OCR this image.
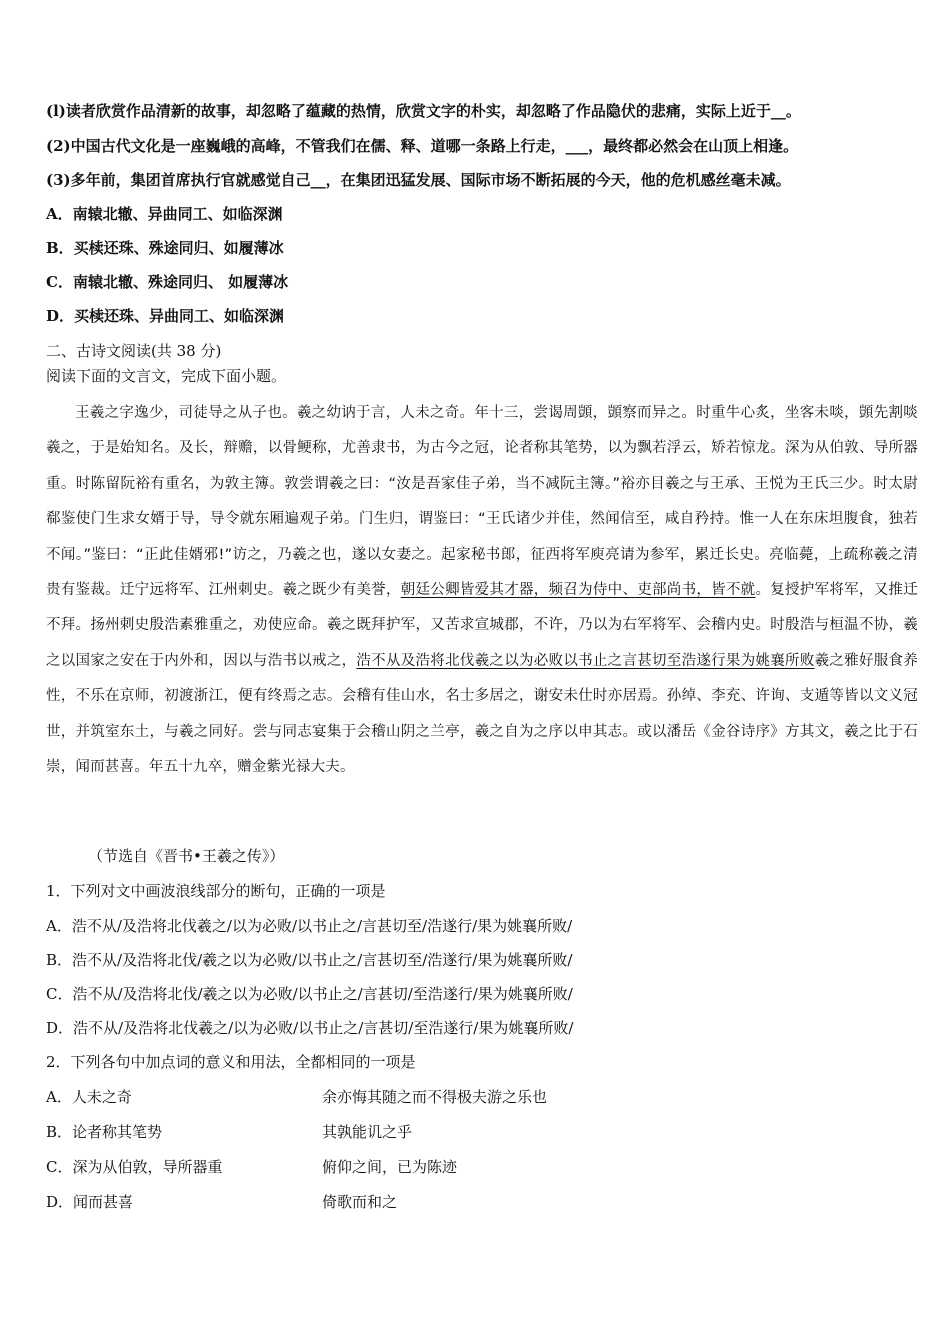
(l)读者欣赏作品清新的故事，却忽略了蕴藏的热情，欣赏文字的朴实，却忽略了作品隐伏的悲痛，实际上近于__。
(2)中国古代文化是一座巍峨的高峰，不管我们在儒、释、道哪一条路上行走，___，最终都必然会在山顶上相逢。
(3)多年前，集团首席执行官就感觉自己__，在集团迅猛发展、国际市场不断拓展的今天，他的危机感丝毫未减。
A．南辕北辙、异曲同工、如临深渊
B．买椟还珠、殊途同归、如履薄冰
C．南辕北辙、殊途同归、 如履薄冰
D．买椟还珠、异曲同工、如临深渊
二、古诗文阅读(共 38 分)
阅读下面的文言文，完成下面小题。
王羲之字逸少，司徒导之从子也。羲之幼讷于言，人未之奇。年十三，尝谒周顗，顗察而异之。时重牛心炙，坐客未啖，顗先割啖羲之，于是始知名。及长，辩赡，以骨鲠称，尤善隶书，为古今之冠，论者称其笔势，以为飘若浮云，矫若惊龙。深为从伯敦、导所器重。时陈留阮裕有重名，为敦主簿。敦尝谓羲之曰：“汝是吾家佳子弟，当不减阮主簿。”裕亦目羲之与王承、王悦为王氏三少。时太尉郗鉴使门生求女婿于导，导令就东厢遍观子弟。门生归，谓鉴曰：“王氏诸少并佳，然闻信至，咸自矜持。惟一人在东床坦腹食，独若不闻。”鉴曰：“正此佳婿邪!”访之，乃羲之也，遂以女妻之。起家秘书郎，征西将军庾亮请为参军，累迁长史。亮临薨，上疏称羲之清贵有鉴裁。迁宁远将军、江州刺史。羲之既少有美誉，朝廷公卿皆爱其才器，频召为侍中、吏部尚书，皆不就。复授护军将军，又推迁不拜。扬州刺史殷浩素雅重之，劝使应命。羲之既拜护军，又苦求宣城郡，不许，乃以为右军将军、会稽内史。时殷浩与桓温不协，羲之以国家之安在于内外和，因以与浩书以戒之，浩不从及浩将北伐羲之以为必败以书止之言甚切至浩遂行果为姚襄所败羲之雅好服食养性，不乐在京师，初渡浙江，便有终焉之志。会稽有佳山水，名士多居之，谢安未仕时亦居焉。孙绰、李充、许询、支遁等皆以文义冠世，并筑室东土，与羲之同好。尝与同志宴集于会稽山阴之兰亭，羲之自为之序以申其志。或以潘岳《金谷诗序》方其文，羲之比于石崇，闻而甚喜。年五十九卒，赠金紫光禄大夫。
（节选自《晋书•王羲之传》）
1．下列对文中画波浪线部分的断句，正确的一项是
A．浩不从/及浩将北伐羲之/以为必败/以书止之/言甚切至/浩遂行/果为姚襄所败/
B．浩不从/及浩将北伐/羲之以为必败/以书止之/言甚切至/浩遂行/果为姚襄所败/
C．浩不从/及浩将北伐/羲之以为必败/以书止之/言甚切/至浩遂行/果为姚襄所败/
D．浩不从/及浩将北伐羲之/以为必败/以书止之/言甚切/至浩遂行/果为姚襄所败/
2．下列各句中加点词的意义和用法，全都相同的一项是
A．人未之奇	余亦悔其随之而不得极夫游之乐也
B．论者称其笔势	其孰能讥之乎
C．深为从伯敦，导所器重	俯仰之间，已为陈迹
D．闻而甚喜	倚歌而和之
